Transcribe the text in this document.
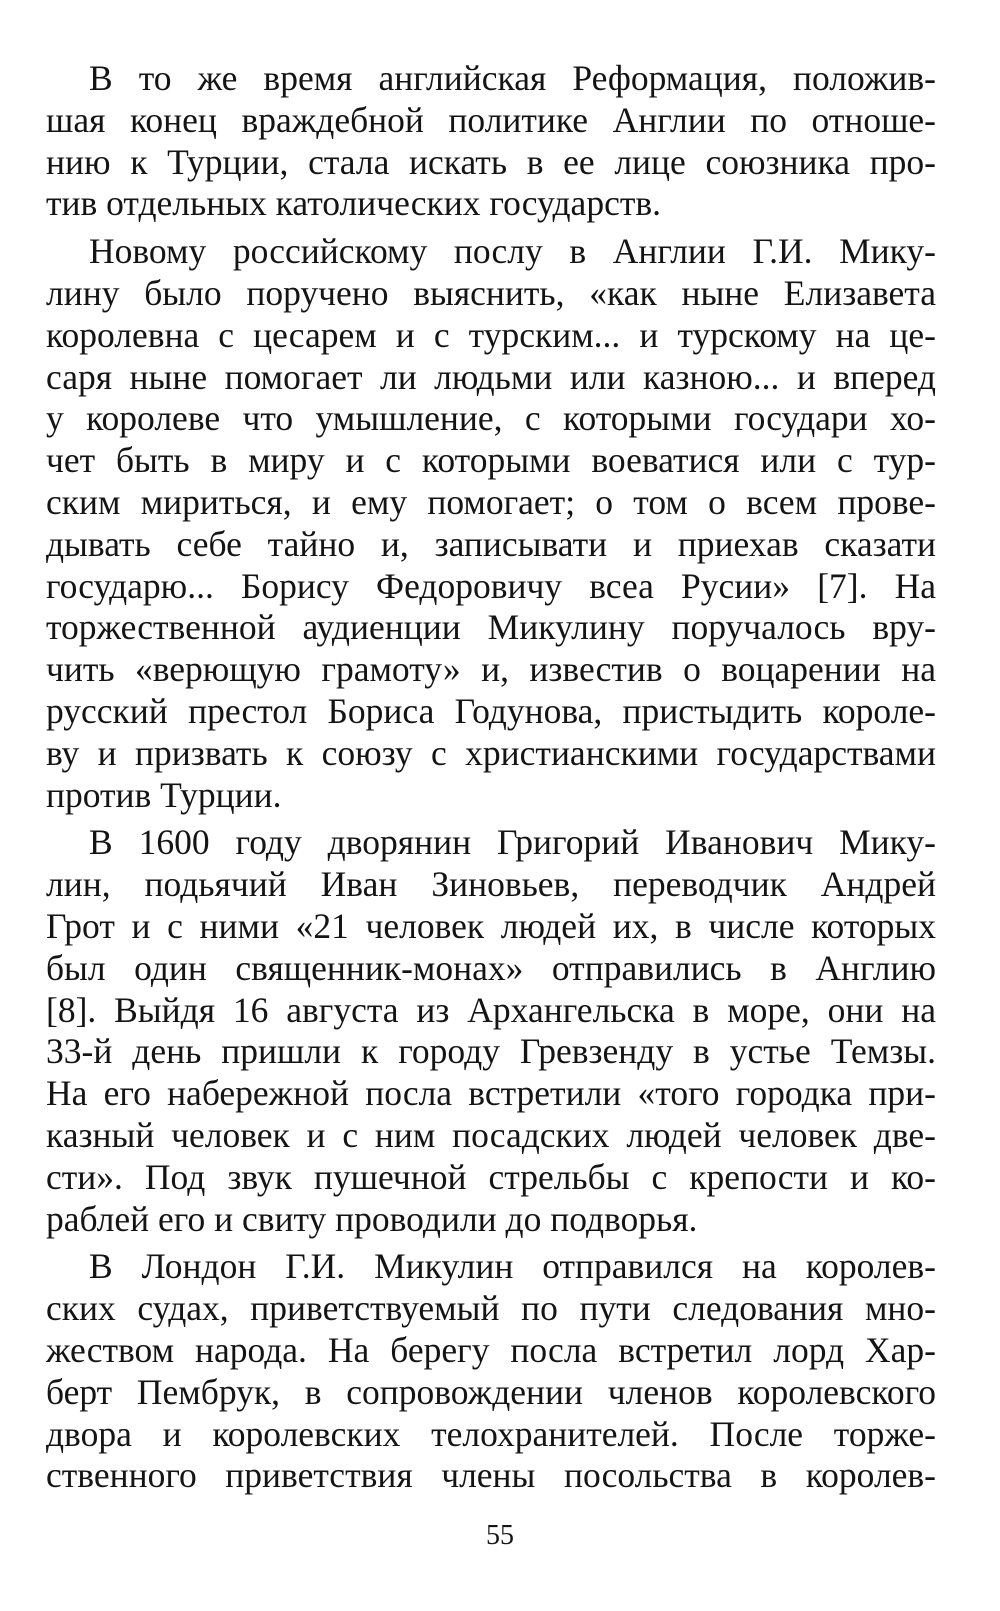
В то же время английская Реформация, положив-
шая конец враждебной политике Англии по отноше-
нию к Турции, стала искать в ее лице союзника про-
тив отдельных католических государств.
Новому российскому послу в Англии Г.И. Мику-
лину было поручено выяснить, «как ныне Елизавета
королевна с цесарем и с турским... и турскому на це-
саря ныне помогает ли людьми или казною... и вперед
у королеве что умышление, с которыми государи хо-
чет быть в миру и с которыми воеватися или с тур-
ским мириться, и ему помогает; о том о всем прове-
дывать себе тайно и, записывати и приехав сказати
государю... Борису Федоровичу всеа Русии» [7]. На
торжественной аудиенции Микулину поручалось вру-
чить «верющую грамоту» и, известив о воцарении на
русский престол Бориса Годунова, пристыдить короле-
ву и призвать к союзу с христианскими государствами
против Турции.
В 1600 году дворянин Григорий Иванович Мику-
лин, подьячий Иван Зиновьев, переводчик Андрей
Грот и с ними «21 человек людей их, в числе которых
был один священник-монах» отправились в Англию
[8]. Выйдя 16 августа из Архангельска в море, они на
33-й день пришли к городу Гревзенду в устье Темзы.
На его набережной посла встретили «того городка при-
казный человек и с ним посадских людей человек две-
сти». Под звук пушечной стрельбы с крепости и ко-
раблей его и свиту проводили до подворья.
В Лондон Г.И. Микулин отправился на королев-
ских судах, приветствуемый по пути следования мно-
жеством народа. На берегу посла встретил лорд Хар-
берт Пембрук, в сопровождении членов королевского
двора и королевских телохранителей. После торже-
ственного приветствия члены посольства в королев-
55
